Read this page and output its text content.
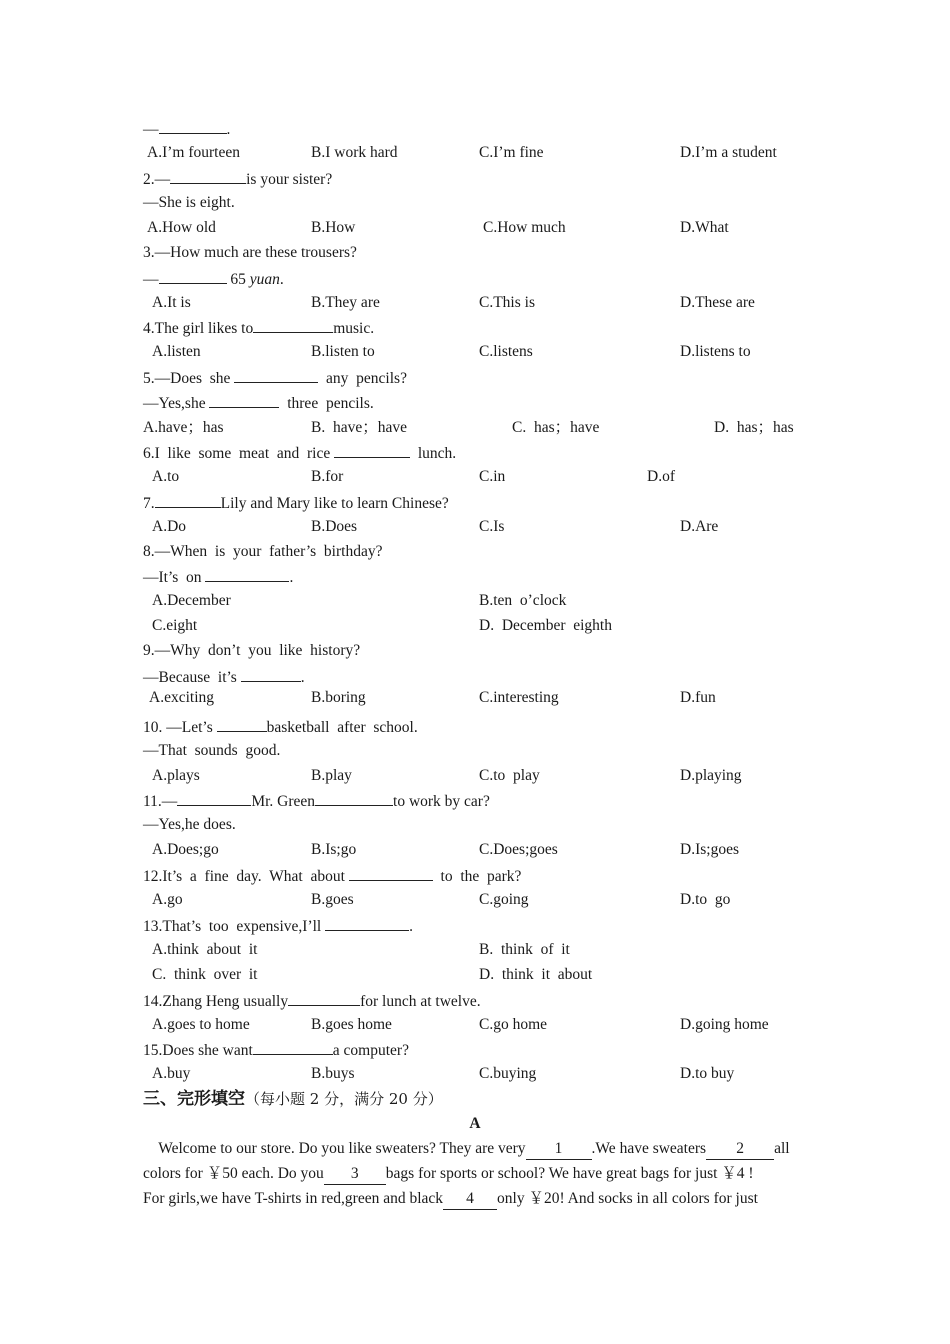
—	.
A.I’m fourteen	B.I work hard	C.I’m fine	D.I’m a student
2.—	is your sister?
—She is eight.
A.How old	B.How	C.How much	D.What
3.—How much are these trousers?
—	65 yuan.
A.It is	B.They are	C.This is	D.These are
4.The girl likes to	music.
A.listen	B.listen to	C.listens	D.listens to
5.—Does  she	any  pencils?
—Yes,she	three  pencils.
A.have；has	B.  have；have	C.  has；have	D.  has；has
6.I  like  some  meat  and  rice	lunch.
A.to	B.for	C.in	D.of
7.	Lily and Mary like to learn Chinese?
A.Do	B.Does	C.Is	D.Are
8.—When  is  your  father’s  birthday?
—It’s  on	.
A.December	B.ten  o’clock
C.eight	D.  December  eighth
9.—Why  don’t  you  like  history?
—Because  it’s	.
A.exciting	B.boring	C.interesting	D.fun
10. —Let’s	basketball  after  school.
—That  sounds  good.
A.plays	B.play	C.to  play	D.playing
11.—	Mr. Green	to work by car?
—Yes,he does.
A.Does;go	B.Is;go	C.Does;goes	D.Is;goes
12.It’s  a  fine  day.  What  about	to  the  park?
A.go	B.goes	C.going	D.to  go
13.That’s  too  expensive,I’ll	.
A.think  about  it	B.  think  of  it
C.  think  over  it	D.  think  it  about
14.Zhang Heng usually	for lunch at twelve.
A.goes to home	B.goes home	C.go home	D.going home
15.Does she want	a computer?
A.buy	B.buys	C.buying	D.to buy
三、完形填空（每小题 2 分，满分 20 分）
A
Welcome to our store. Do you like sweaters? They are very 1 .We have sweaters 2 all
colors for ￥50 each. Do you 3 bags for sports or school? We have great bags for just ￥4 !
For girls,we have T-shirts in red,green and black 4 only ￥20! And socks in all colors for just
